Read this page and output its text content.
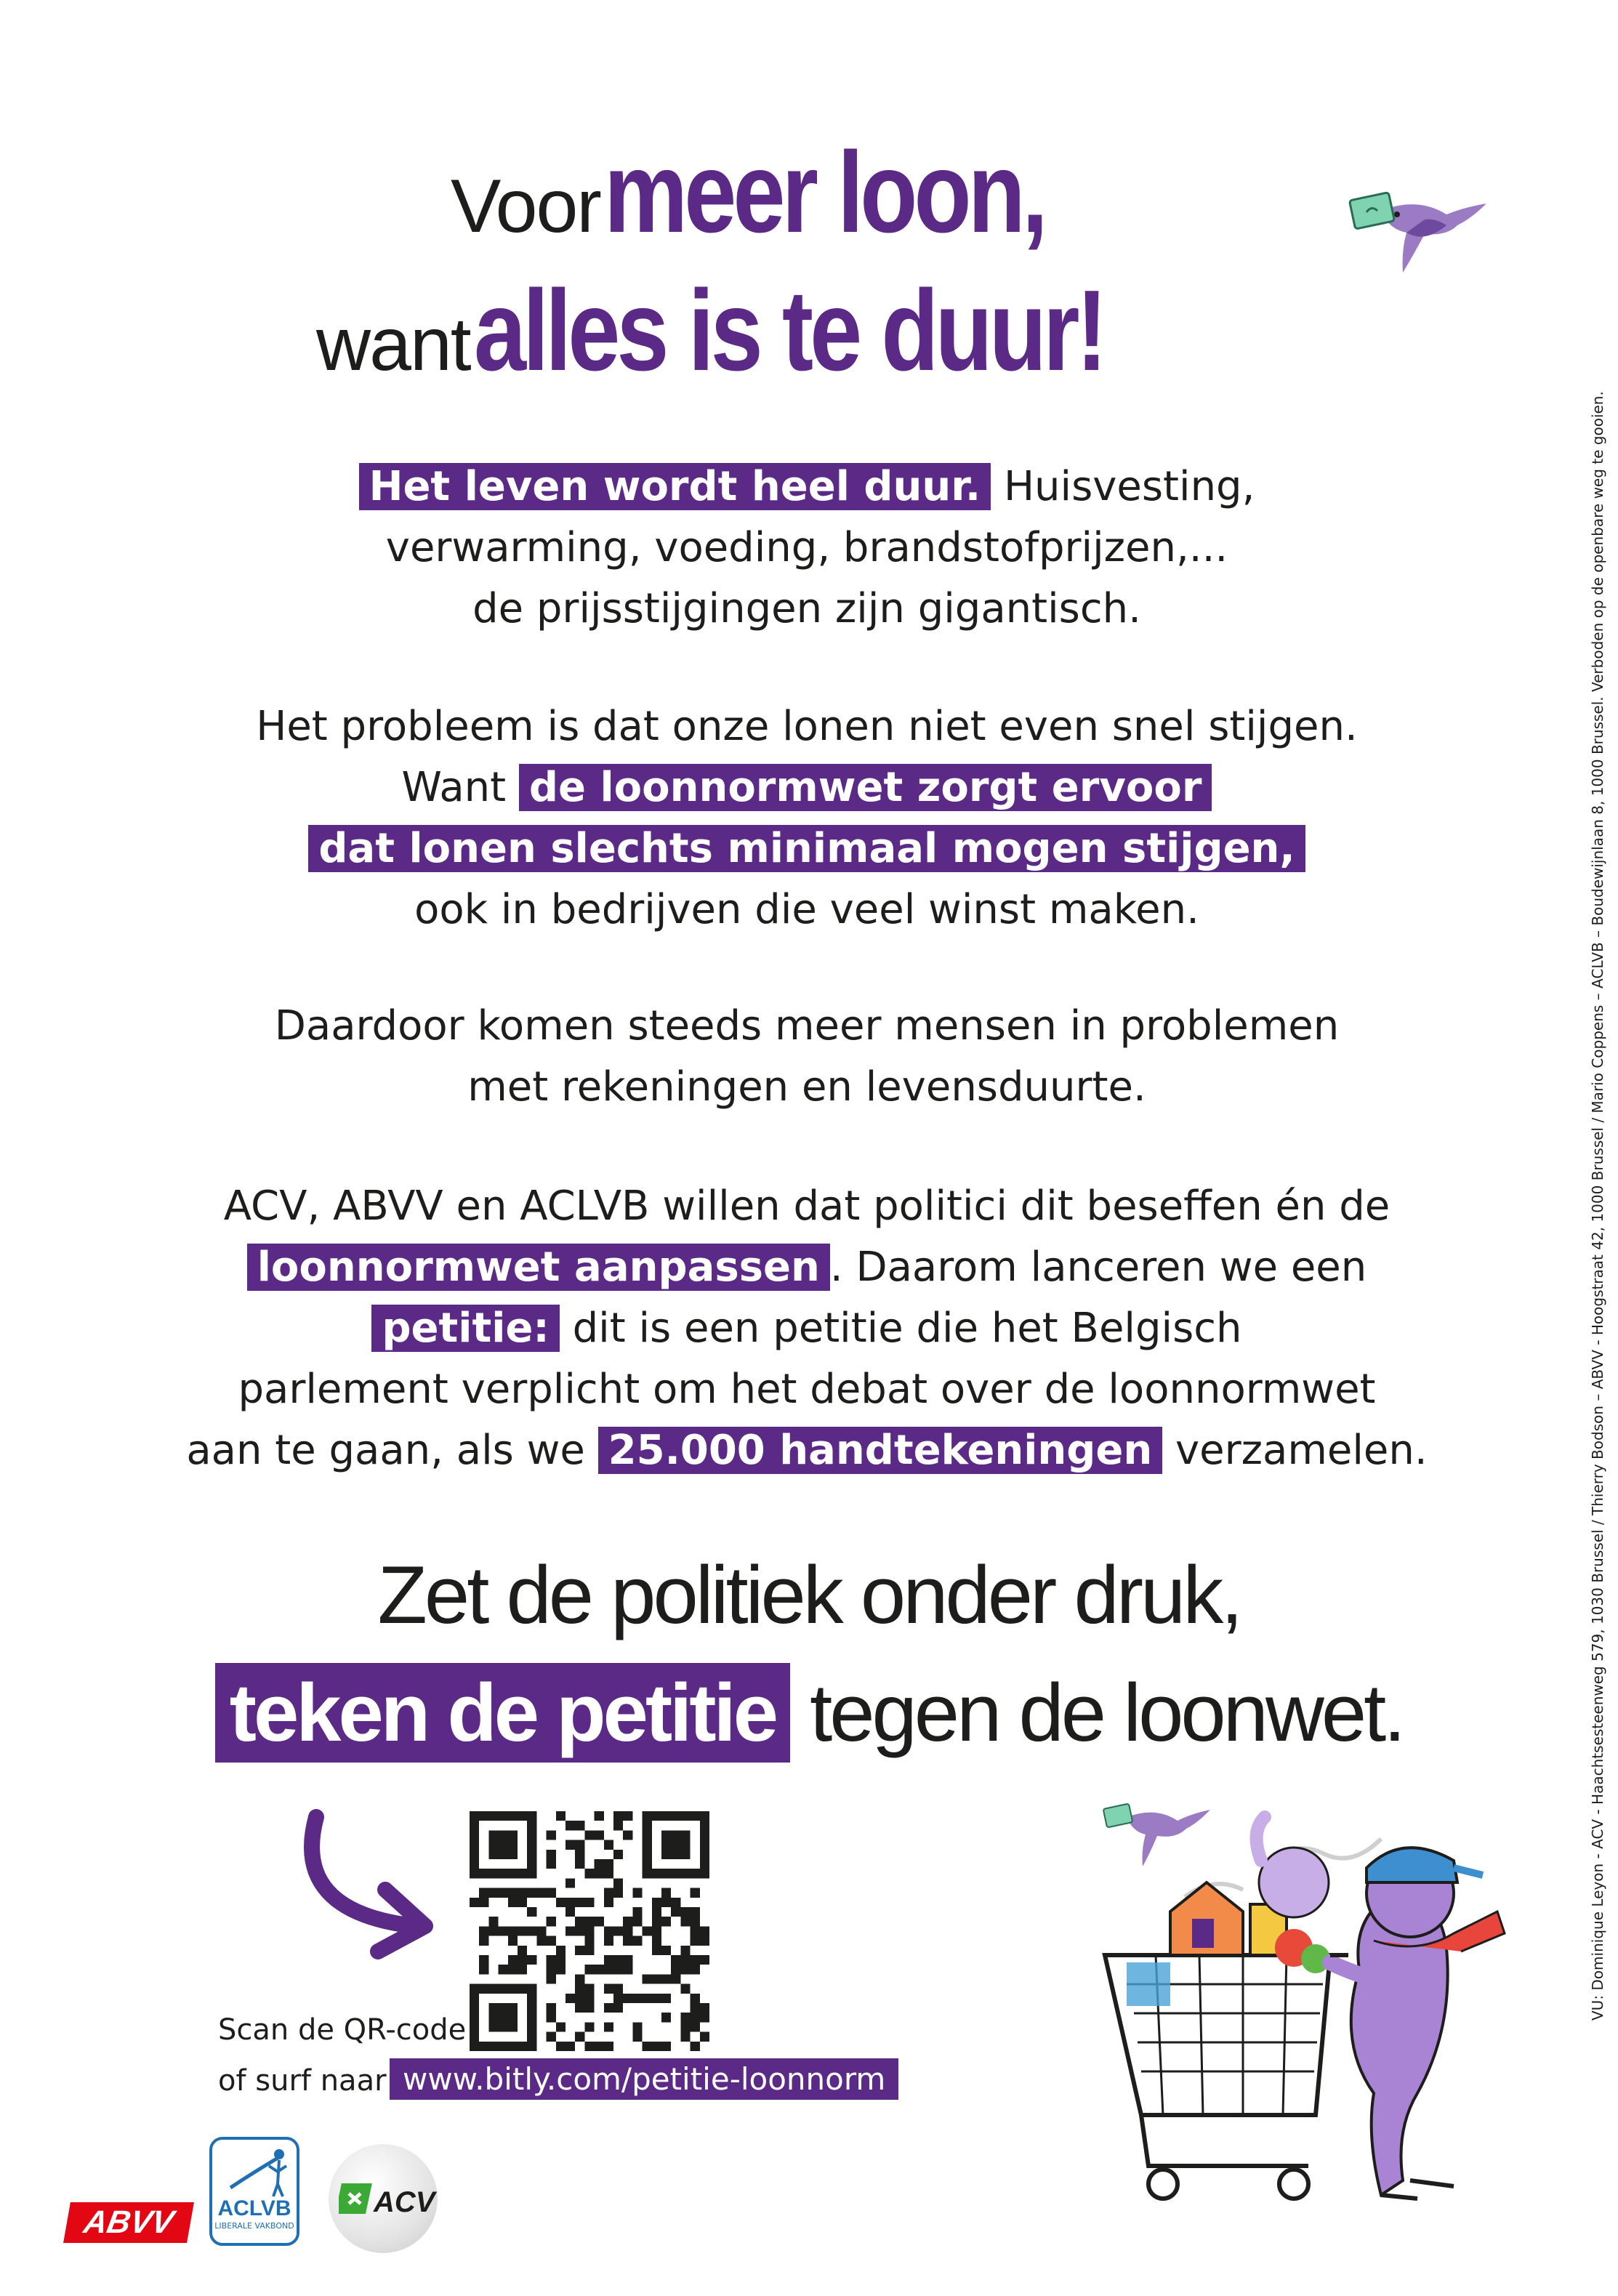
Voor meer loon,
want alles is te duur!
Het leven wordt heel duur. Huisvesting,
verwarming, voeding, brandstofprijzen,...
de prijsstijgingen zijn gigantisch.
Het probleem is dat onze lonen niet even snel stijgen.
Want de loonnormwet zorgt ervoor
dat lonen slechts minimaal mogen stijgen,
ook in bedrijven die veel winst maken.
Daardoor komen steeds meer mensen in problemen
met rekeningen en levensduurte.
ACV, ABVV en ACLVB willen dat politici dit beseffen én de
loonnormwet aanpassen . Daarom lanceren we een
petitie: dit is een petitie die het Belgisch
parlement verplicht om het debat over de loonnormwet
aan te gaan, als we 25.000 handtekeningen verzamelen.
Zet de politiek onder druk,
teken de petitie tegen de loonwet.
Scan de QR-code
of surf naar www.bitly.com/petitie-loonnorm
ABVV	ACLVB
LIBERALE VAKBOND
ACV
VU: Dominique Leyon - ACV - Haachtsesteenweg 579, 1030 Brussel / Thierry Bodson – ABVV - Hoogstraat 42, 1000 Brussel / Mario Coppens – ACLVB – Boudewijnlaan 8, 1000 Brussel. Verboden op de openbare weg te gooien.
